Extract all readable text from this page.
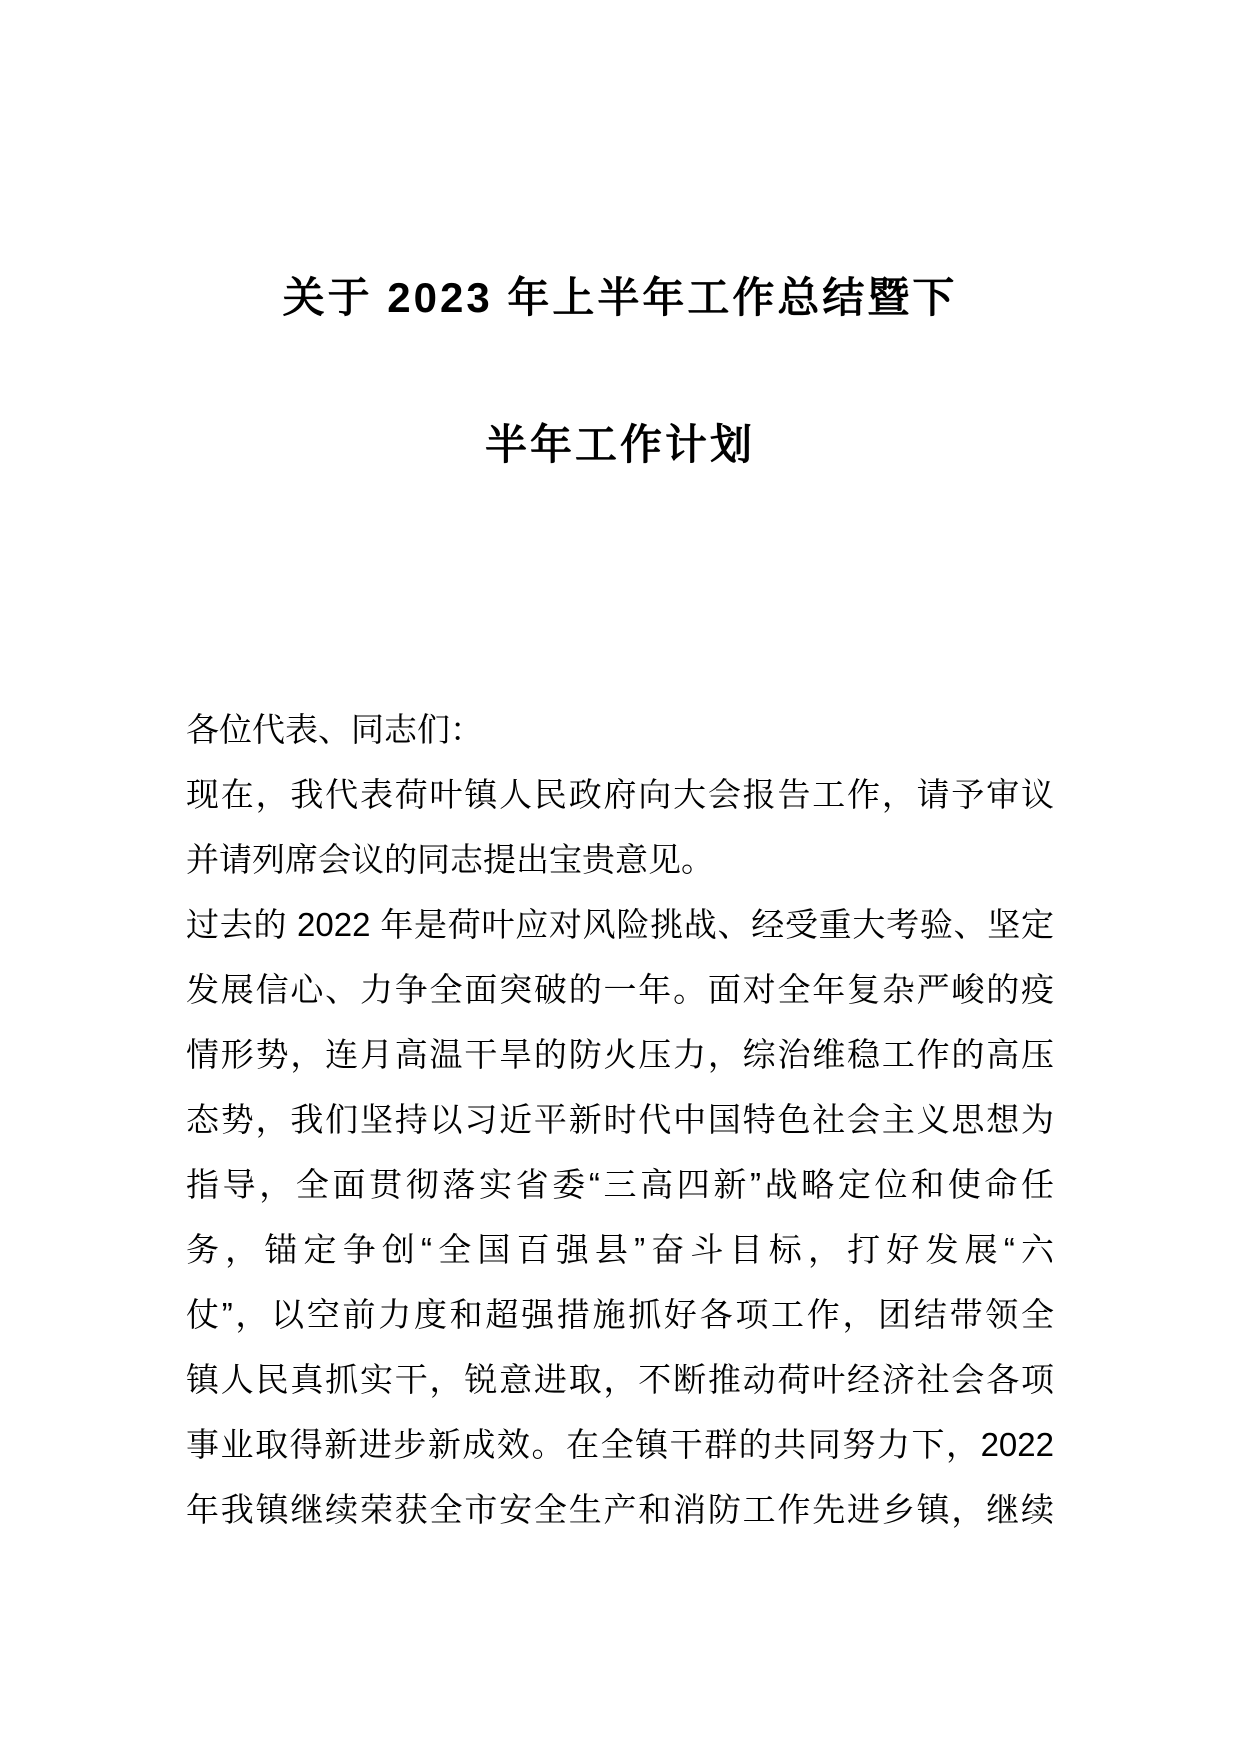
关于 2023 年上半年工作总结暨下
半年工作计划
各位代表、同志们：
现在，我代表荷叶镇人民政府向大会报告工作，请予审议
并请列席会议的同志提出宝贵意见。
过去的 2022 年是荷叶应对风险挑战、经受重大考验、坚定
发展信心、力争全面突破的一年。面对全年复杂严峻的疫
情形势，连月高温干旱的防火压力，综治维稳工作的高压
态势，我们坚持以习近平新时代中国特色社会主义思想为
指导，全面贯彻落实省委“三高四新”战略定位和使命任
务，锚定争创“全国百强县”奋斗目标，打好发展“六
仗”，以空前力度和超强措施抓好各项工作，团结带领全
镇人民真抓实干，锐意进取，不断推动荷叶经济社会各项
事业取得新进步新成效。在全镇干群的共同努力下，2022
年我镇继续荣获全市安全生产和消防工作先进乡镇，继续
